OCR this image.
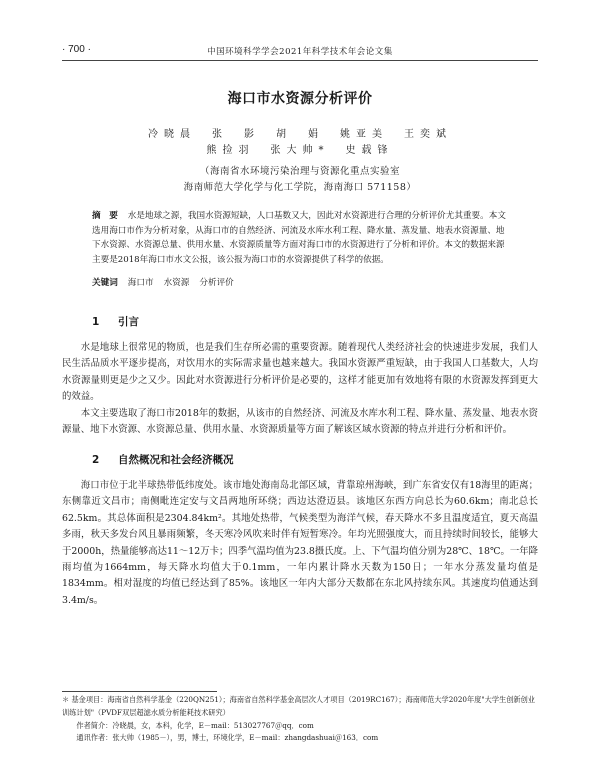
· 700 ·	中国环境科学学会2021年科学技术年会论文集
海口市水资源分析评价
冷晓晨　张　影　胡　娟　姚亚美　王奕斌
熊捡羽　张大帅*　史载锋
（海南省水环境污染治理与资源化重点实验室
海南师范大学化学与化工学院，海南海口 571158）
摘　要 水是地球之源，我国水资源短缺，人口基数又大，因此对水资源进行合理的分析评价尤其重要。本文选用海口市作为分析对象，从海口市的自然经济、河流及水库水利工程、降水量、蒸发量、地表水资源量、地下水资源、水资源总量、供用水量、水资源质量等方面对海口市的水资源进行了分析和评价。本文的数据来源主要是2018年海口市水文公报，该公报为海口市的水资源提供了科学的依据。
关键词 海口市 水资源 分析评价
1 引言
水是地球上很常见的物质，也是我们生存所必需的重要资源。随着现代人类经济社会的快速进步发展，我们人民生活品质水平逐步提高，对饮用水的实际需求量也越来越大。我国水资源严重短缺，由于我国人口基数大，人均水资源量则更是少之又少。因此对水资源进行分析评价是必要的，这样才能更加有效地将有限的水资源发挥到更大的效益。
本文主要选取了海口市2018年的数据，从该市的自然经济、河流及水库水利工程、降水量、蒸发量、地表水资源量、地下水资源、水资源总量、供用水量、水资源质量等方面了解该区域水资源的特点并进行分析和评价。
2 自然概况和社会经济概况
海口市位于北半球热带低纬度处。该市地处海南岛北部区域，背靠琼州海峡，到广东省安仅有18海里的距离；东侧靠近文昌市；南侧毗连定安与文昌两地所环绕；西边达澄迈县。该地区东西方向总长为60.6km；南北总长62.5km。其总体面积是2304.84km²。其地处热带，气候类型为海洋气候，春天降水不多且温度适宜，夏天高温多雨，秋天多发台风且暴雨频繁，冬天寒冷风吹来时伴有短暂寒冷。年均光照强度大，而且持续时间较长，能够大于2000h，热量能够高达11～12万卡；四季气温均值为23.8摄氏度。上、下气温均值分别为28℃、18℃。一年降雨均值为1664mm，每天降水均值大于0.1mm，一年内累计降水天数为150日；一年水分蒸发量均值是1834mm。相对湿度的均值已经达到了85%。该地区一年内大部分天数都在东北风持续东风。其速度均值通达到3.4m/s。

＊ 基金项目：海南省自然科学基金（220QN251）；海南省自然科学基金高层次人才项目（2019RC167）；海南师范大学2020年度"大学生创新创业训练计划"（PVDF双层超滤水质分析能耗技术研究）

作者简介：冷晓晨，女，本科，化学，E－mail：513027767＠qq．com

通讯作者：张大帅（1985－），男，博士，环境化学，E－mail：zhangdashuai＠163．com
